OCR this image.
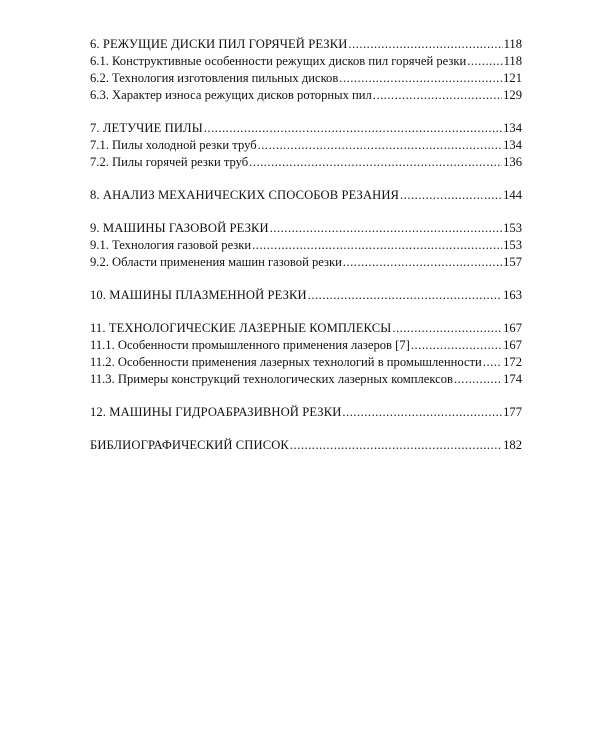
6. РЕЖУЩИЕ ДИСКИ ПИЛ ГОРЯЧЕЙ РЕЗКИ .....	118
6.1. Конструктивные особенности режущих дисков пил горячей резки .....	118
6.2. Технология изготовления пильных дисков .....	121
6.3. Характер износа режущих дисков роторных пил .....	129
7. ЛЕТУЧИЕ ПИЛЫ .....	134
7.1. Пилы холодной резки труб .....	134
7.2. Пилы горячей резки труб .....	136
8. АНАЛИЗ МЕХАНИЧЕСКИХ СПОСОБОВ РЕЗАНИЯ .....	144
9. МАШИНЫ ГАЗОВОЙ РЕЗКИ .....	153
9.1. Технология газовой резки .....	153
9.2. Области применения машин газовой резки .....	157
10. МАШИНЫ ПЛАЗМЕННОЙ РЕЗКИ .....	163
11. ТЕХНОЛОГИЧЕСКИЕ ЛАЗЕРНЫЕ КОМПЛЕКСЫ .....	167
11.1. Особенности промышленного применения лазеров [7] .....	167
11.2. Особенности применения лазерных технологий в промышленности ..... 172
11.3. Примеры конструкций технологических лазерных комплексов .....	174
12. МАШИНЫ ГИДРОАБРАЗИВНОЙ РЕЗКИ .....	177
БИБЛИОГРАФИЧЕСКИЙ СПИСОК .....	182
